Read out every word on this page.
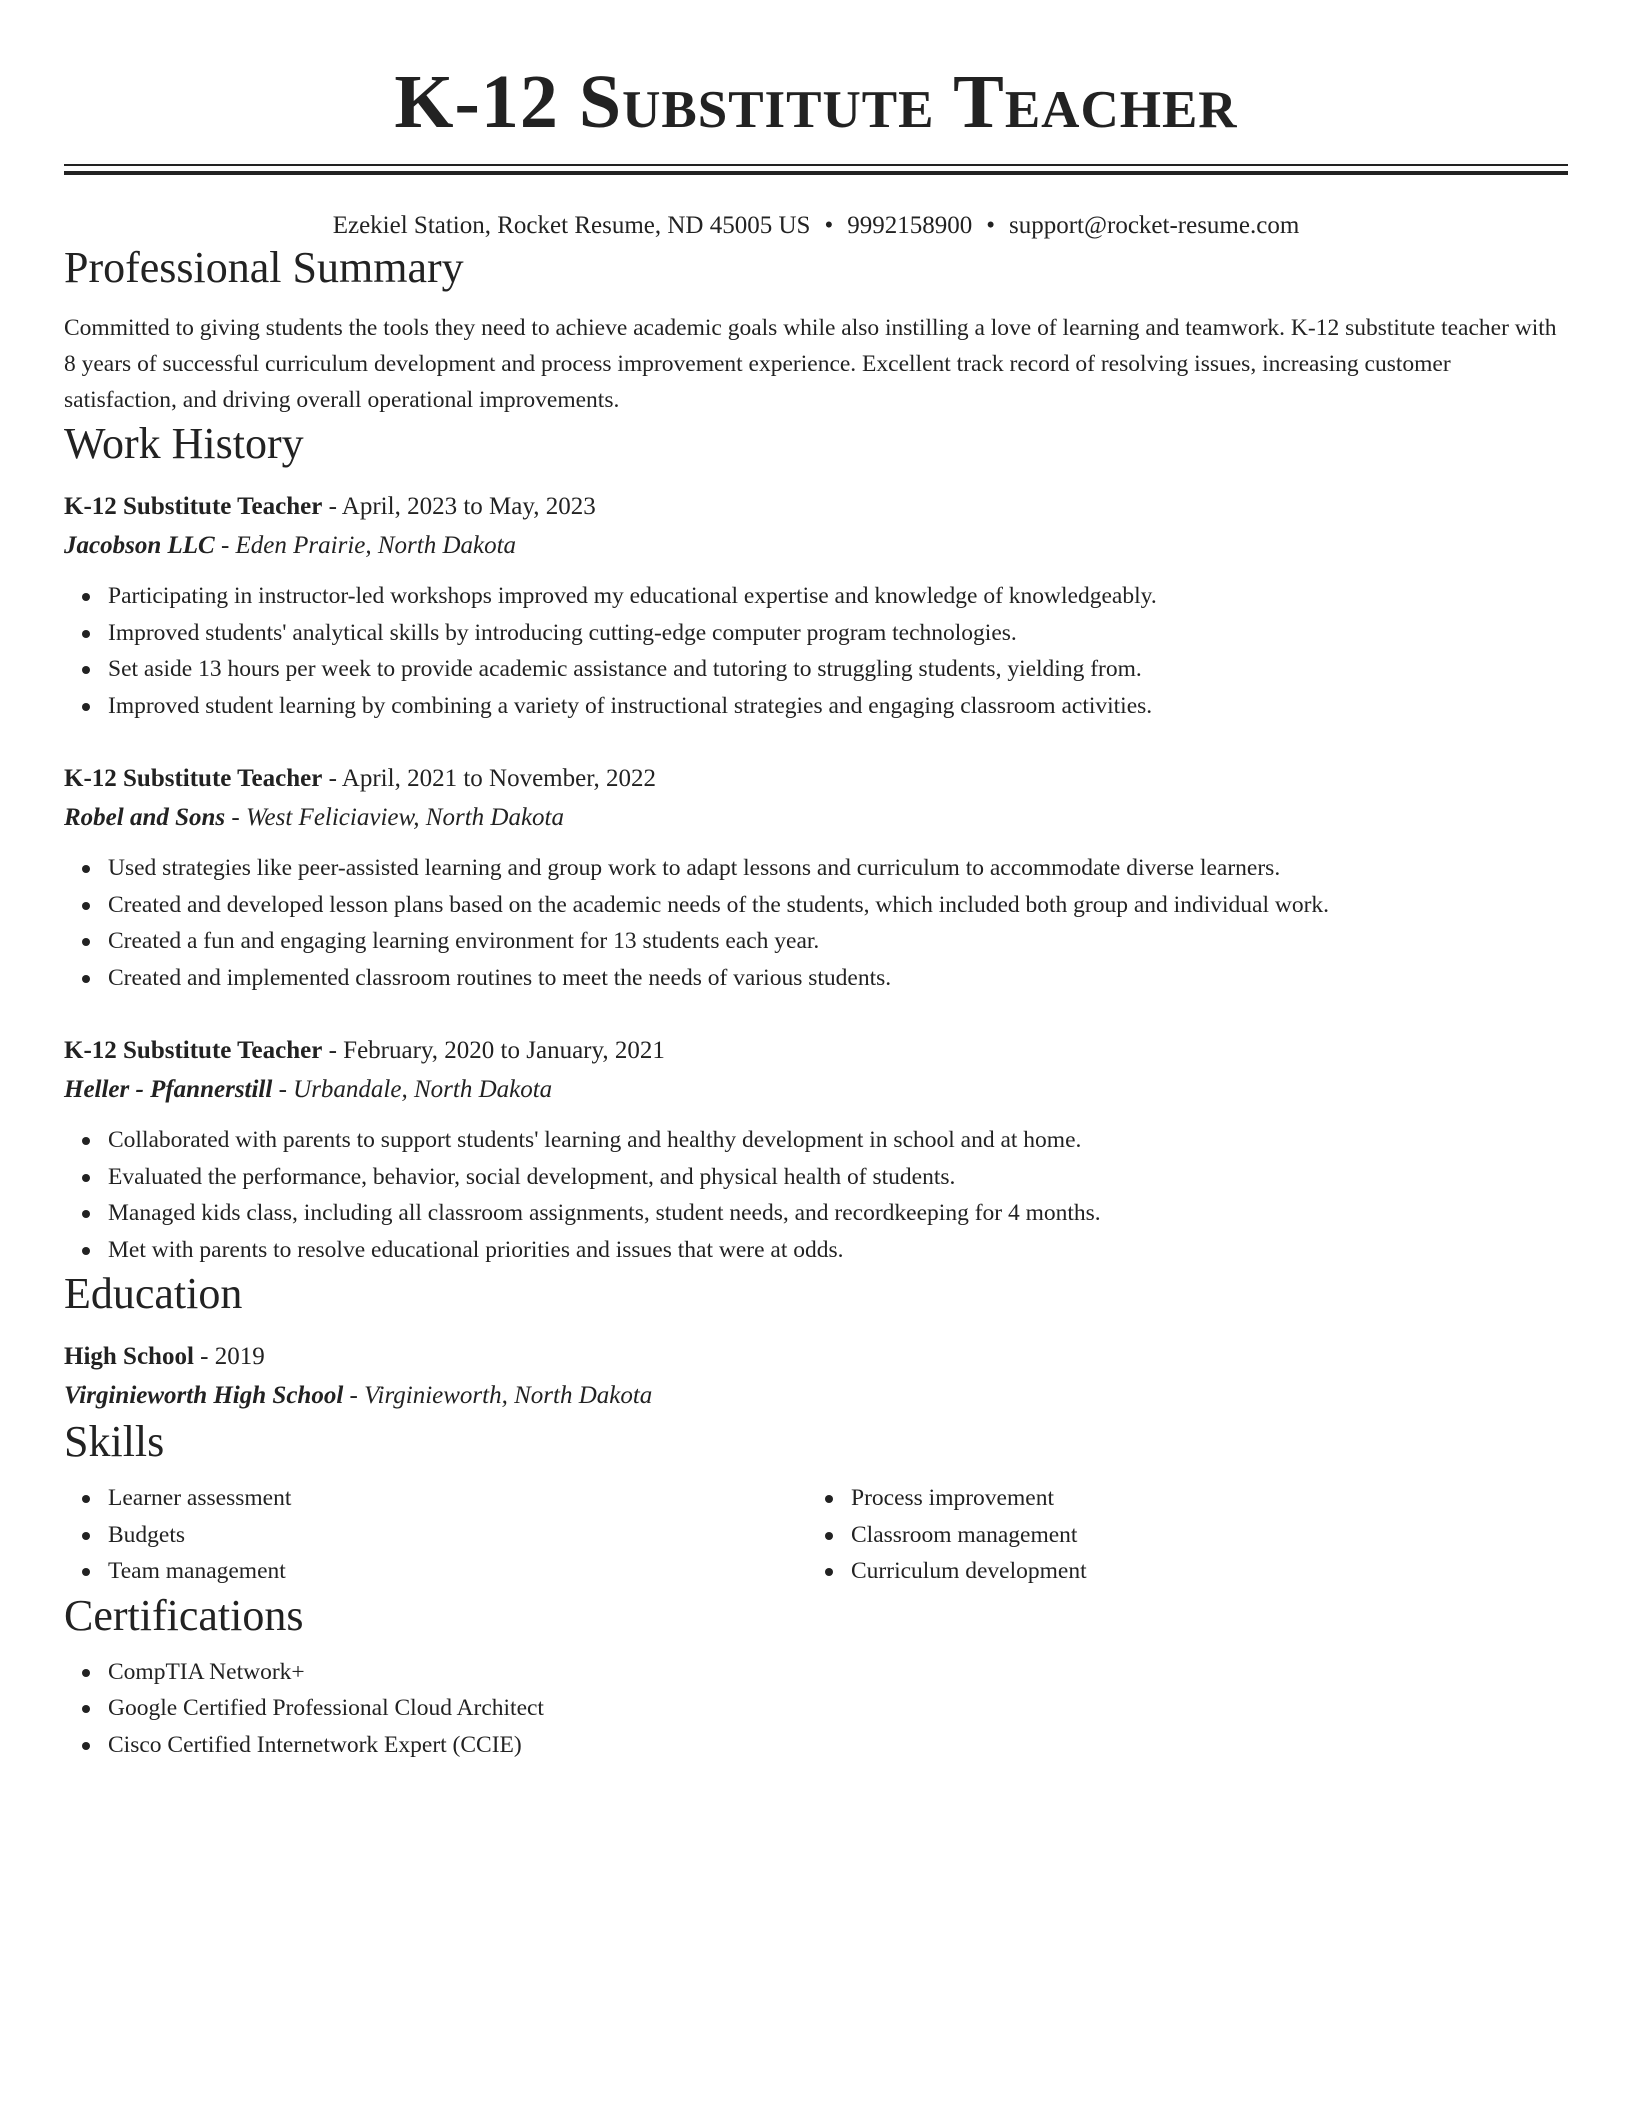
K-12 Substitute Teacher
Ezekiel Station, Rocket Resume, ND 45005 US • 9992158900 • support@rocket-resume.com
Professional Summary

Committed to giving students the tools they need to achieve academic goals while also instilling a love of learning and teamwork. K-12 substitute teacher with 8 years of successful curriculum development and process improvement experience. Excellent track record of resolving issues, increasing customer satisfaction, and driving overall operational improvements.

Work History
K-12 Substitute Teacher - April, 2023 to May, 2023
Jacobson LLC - Eden Prairie, North Dakota
Participating in instructor-led workshops improved my educational expertise and knowledge of knowledgeably.
Improved students' analytical skills by introducing cutting-edge computer program technologies.
Set aside 13 hours per week to provide academic assistance and tutoring to struggling students, yielding from.
Improved student learning by combining a variety of instructional strategies and engaging classroom activities.
K-12 Substitute Teacher - April, 2021 to November, 2022
Robel and Sons - West Feliciaview, North Dakota
Used strategies like peer-assisted learning and group work to adapt lessons and curriculum to accommodate diverse learners.
Created and developed lesson plans based on the academic needs of the students, which included both group and individual work.
Created a fun and engaging learning environment for 13 students each year.
Created and implemented classroom routines to meet the needs of various students.
K-12 Substitute Teacher - February, 2020 to January, 2021
Heller - Pfannerstill - Urbandale, North Dakota
Collaborated with parents to support students' learning and healthy development in school and at home.
Evaluated the performance, behavior, social development, and physical health of students.
Managed kids class, including all classroom assignments, student needs, and recordkeeping for 4 months.
Met with parents to resolve educational priorities and issues that were at odds.
Education
High School - 2019
Virginieworth High School - Virginieworth, North Dakota
Skills
Learner assessment
Budgets
Team management
Process improvement
Classroom management
Curriculum development
Certifications
CompTIA Network+
Google Certified Professional Cloud Architect
Cisco Certified Internetwork Expert (CCIE)
